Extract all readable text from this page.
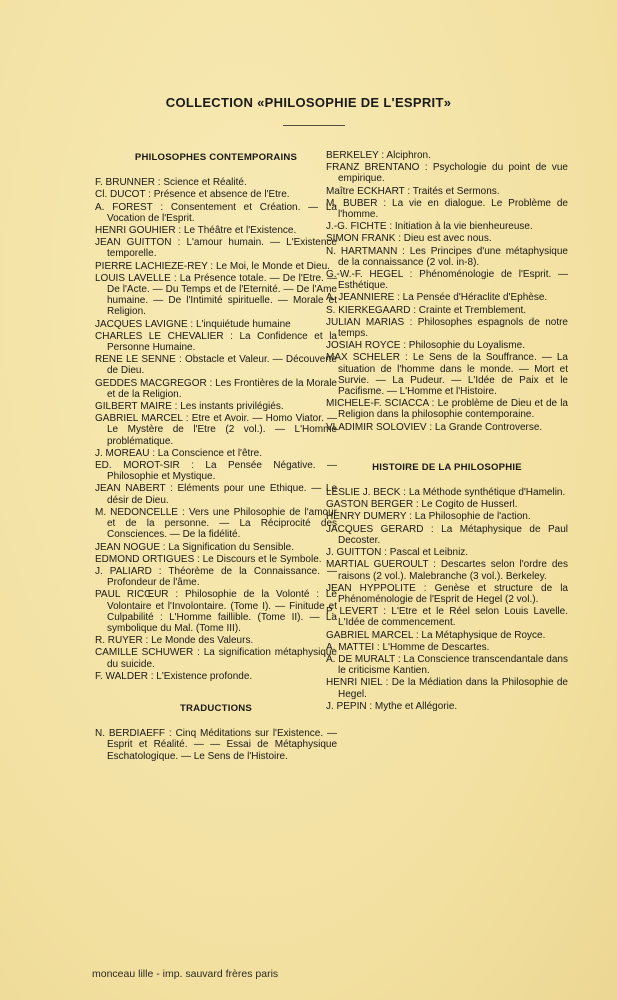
COLLECTION «PHILOSOPHIE DE L'ESPRIT»
PHILOSOPHES CONTEMPORAINS
F. BRUNNER : Science et Réalité.
Cl. DUCOT : Présence et absence de l'Etre.
A. FOREST : Consentement et Création. — La Vocation de l'Esprit.
HENRI GOUHIER : Le Théâtre et l'Existence.
JEAN GUITTON : L'amour humain. — L'Existence temporelle.
PIERRE LACHIEZE-REY : Le Moi, le Monde et Dieu.
LOUIS LAVELLE : La Présence totale. — De l'Etre. — De l'Acte. — Du Temps et de l'Eternité. — De l'Ame humaine. — De l'Intimité spirituelle. — Morale et Religion.
JACQUES LAVIGNE : L'inquiétude humaine
CHARLES LE CHEVALIER : La Confidence et la Personne Humaine.
RENE LE SENNE : Obstacle et Valeur. — Découverte de Dieu.
GEDDES MACGREGOR : Les Frontières de la Morale et de la Religion.
GILBERT MAIRE : Les instants privilégiés.
GABRIEL MARCEL : Etre et Avoir. — Homo Viator. — Le Mystère de l'Etre (2 vol.). — L'Homme problématique.
J. MOREAU : La Conscience et l'être.
ED. MOROT-SIR : La Pensée Négative. — Philosophie et Mystique.
JEAN NABERT : Eléments pour une Ethique. — Le désir de Dieu.
M. NEDONCELLE : Vers une Philosophie de l'amour et de la personne. — La Réciprocité des Consciences. — De la fidélité.
JEAN NOGUE : La Signification du Sensible.
EDMOND ORTIGUES : Le Discours et le Symbole.
J. PALIARD : Théorème de la Connaissance. — Profondeur de l'âme.
PAUL RICŒUR : Philosophie de la Volonté : Le Volontaire et l'Involontaire. (Tome I). — Finitude et Culpabilité : L'Homme faillible. (Tome II). — La symbolique du Mal. (Tome III).
R. RUYER : Le Monde des Valeurs.
CAMILLE SCHUWER : La signification métaphysique du suicide.
F. WALDER : L'Existence profonde.
TRADUCTIONS
N. BERDIAEFF : Cinq Méditations sur l'Existence. — Esprit et Réalité. — — Essai de Métaphysique Eschatologique. — Le Sens de l'Histoire.
BERKELEY : Alciphron.
FRANZ BRENTANO : Psychologie du point de vue empirique.
Maître ECKHART : Traités et Sermons.
M. BUBER : La vie en dialogue. Le Problème de l'homme.
J.-G. FICHTE : Initiation à la vie bienheureuse.
SIMON FRANK : Dieu est avec nous.
N. HARTMANN : Les Principes d'une métaphysique de la connaissance (2 vol. in-8).
G.-W.-F. HEGEL : Phénoménologie de l'Esprit. — Esthétique.
A. JEANNIERE : La Pensée d'Héraclite d'Ephèse.
S. KIERKEGAARD : Crainte et Tremblement.
JULIAN MARIAS : Philosophes espagnols de notre temps.
JOSIAH ROYCE : Philosophie du Loyalisme.
MAX SCHELER : Le Sens de la Souffrance. — La situation de l'homme dans le monde. — Mort et Survie. — La Pudeur. — L'Idée de Paix et le Pacifisme. — L'Homme et l'Histoire.
MICHELE-F. SCIACCA : Le problème de Dieu et de la Religion dans la philosophie contemporaine.
VLADIMIR SOLOVIEV : La Grande Controverse.
HISTOIRE DE LA PHILOSOPHIE
LESLIE J. BECK : La Méthode synthétique d'Hamelin.
GASTON BERGER : Le Cogito de Husserl.
HENRY DUMERY : La Philosophie de l'action.
JACQUES GERARD : La Métaphysique de Paul Decoster.
J. GUITTON : Pascal et Leibniz.
MARTIAL GUEROULT : Descartes selon l'ordre des raisons (2 vol.). Malebranche (3 vol.). Berkeley.
JEAN HYPPOLITE : Genèse et structure de la Phénoménologie de l'Esprit de Hegel (2 vol.).
P. LEVERT : L'Etre et le Réel selon Louis Lavelle. L'Idée de commencement.
GABRIEL MARCEL : La Métaphysique de Royce.
A. MATTEI : L'Homme de Descartes.
A. DE MURALT : La Conscience transcendantale dans le criticisme Kantien.
HENRI NIEL : De la Médiation dans la Philosophie de Hegel.
J. PEPIN : Mythe et Allégorie.
monceau lille - imp. sauvard frères paris
